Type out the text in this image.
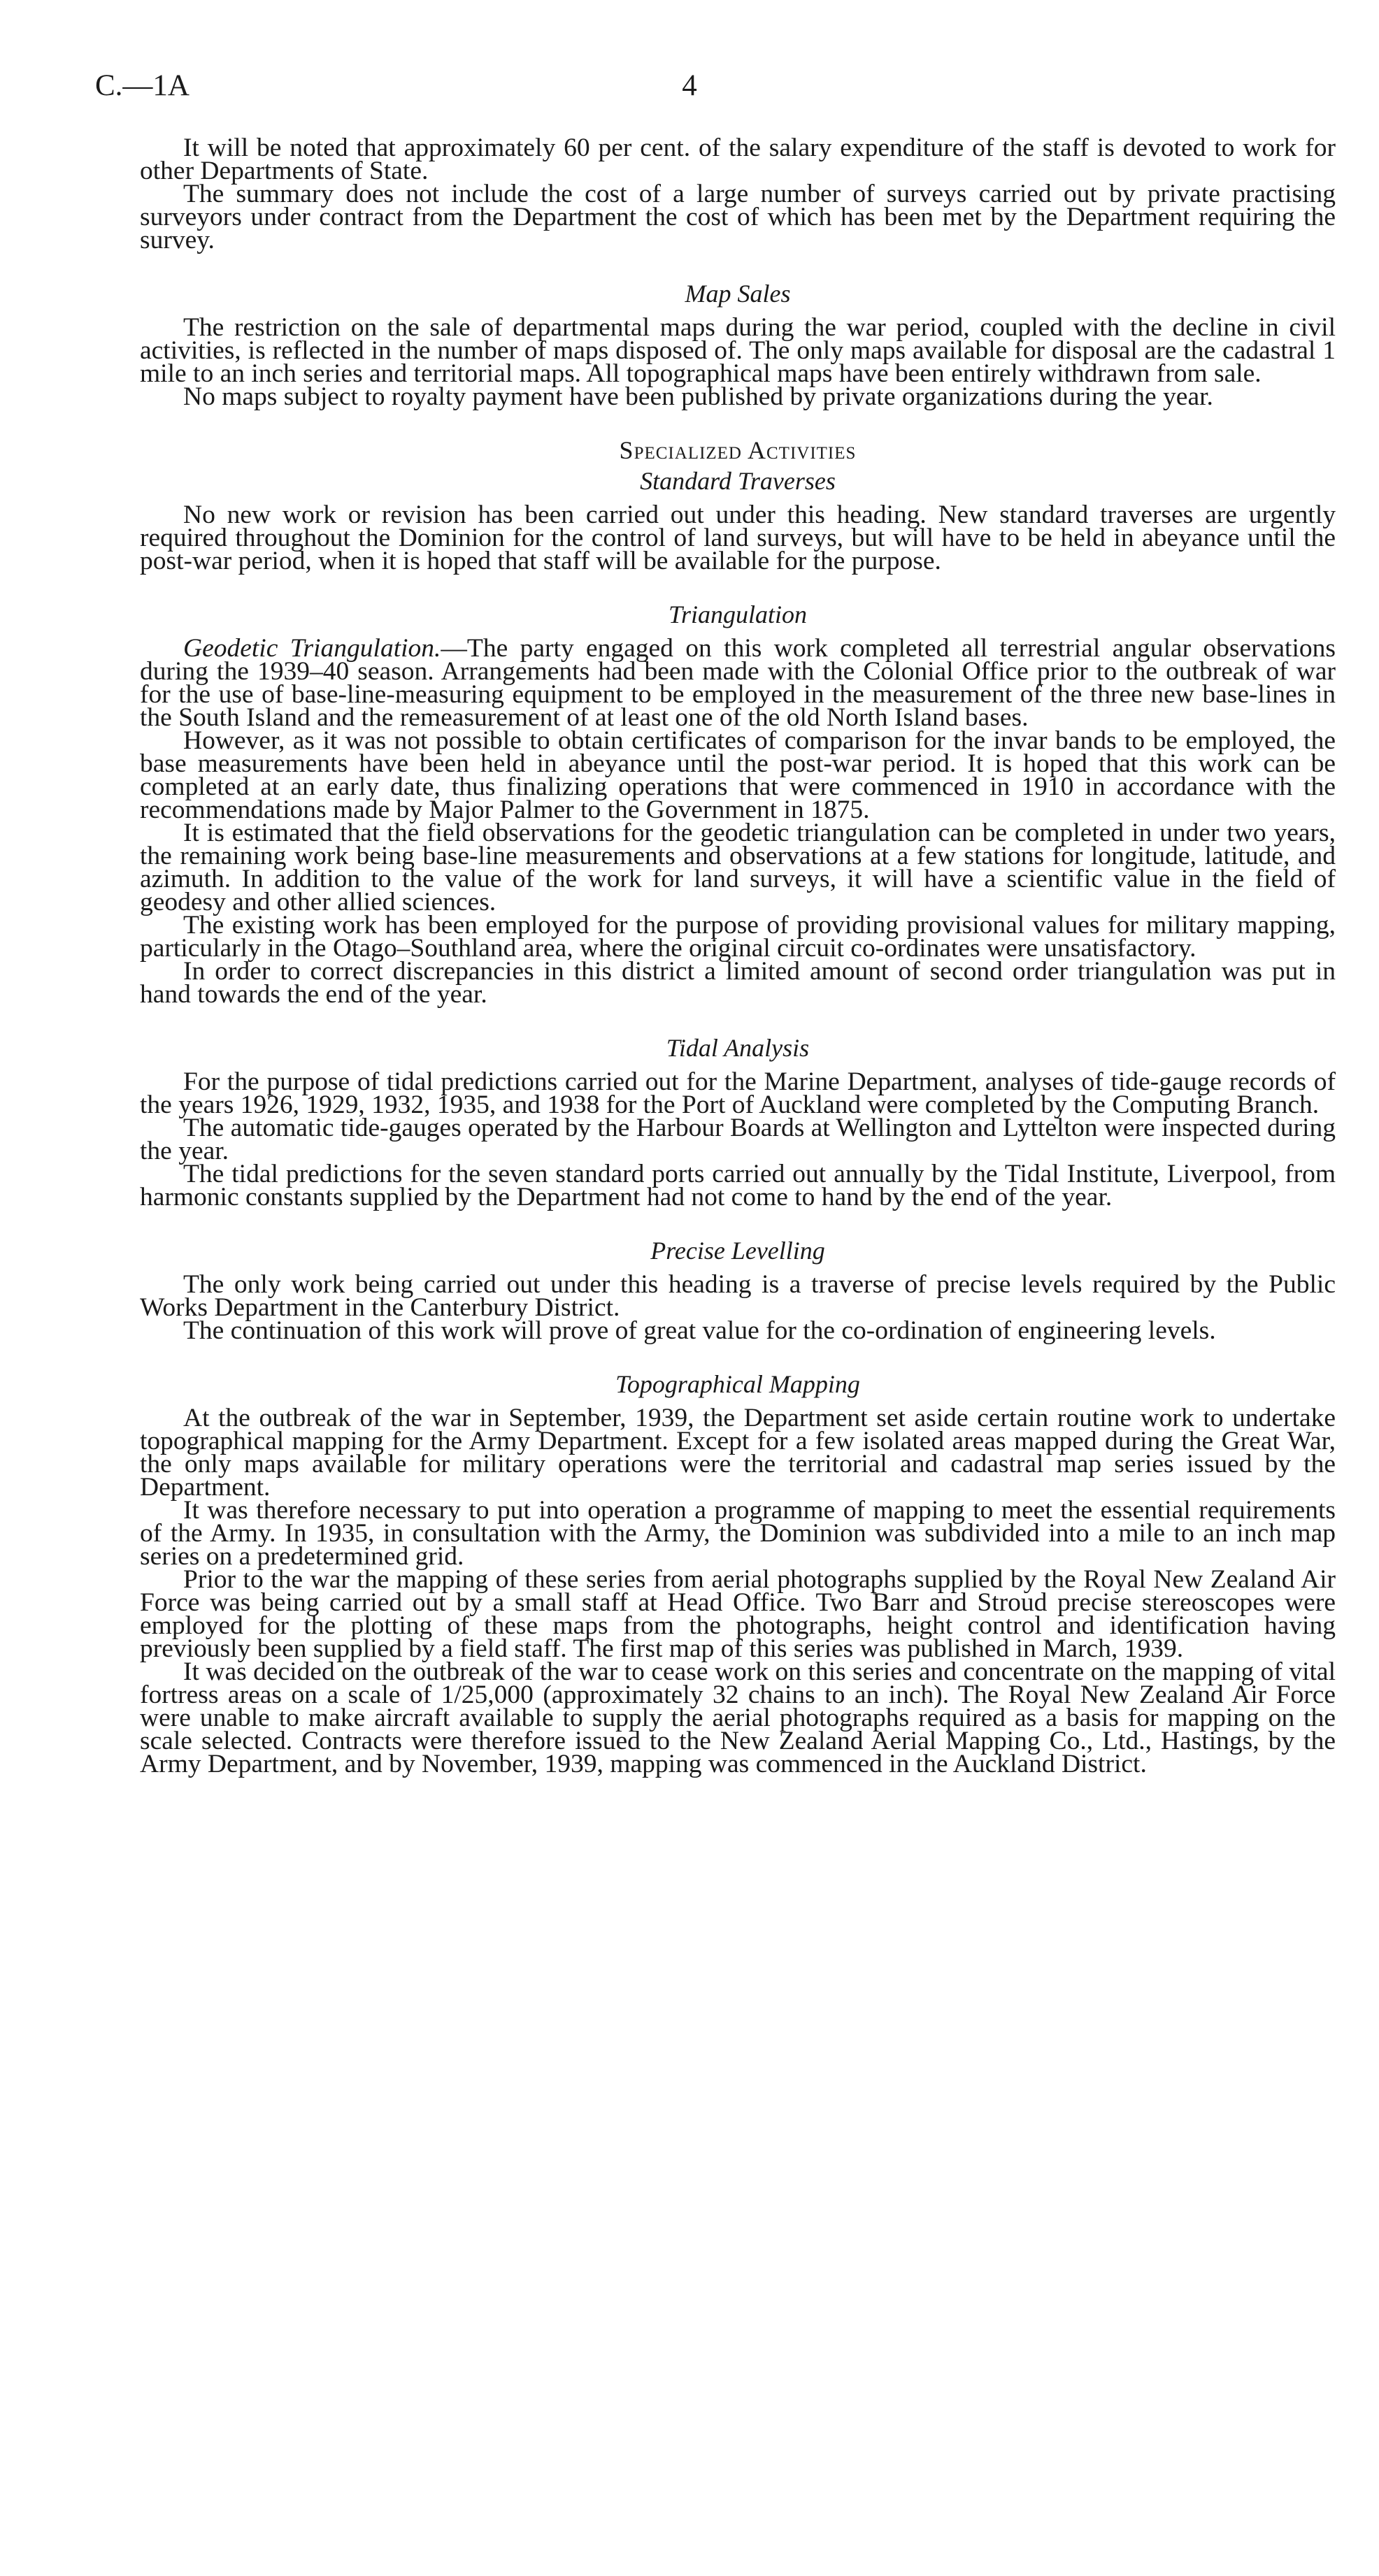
C.—1A	4

It will be noted that approximately 60 per cent. of the salary expenditure of the staff is devoted to work for other Departments of State.

The summary does not include the cost of a large number of surveys carried out by private practising surveyors under contract from the Department the cost of which has been met by the Department requiring the survey.

Map Sales

The restriction on the sale of departmental maps during the war period, coupled with the decline in civil activities, is reflected in the number of maps disposed of. The only maps available for disposal are the cadastral 1 mile to an inch series and territorial maps. All topographical maps have been entirely withdrawn from sale.

No maps subject to royalty payment have been published by private organizations during the year.

Specialized Activities
Standard Traverses

No new work or revision has been carried out under this heading. New standard traverses are urgently required throughout the Dominion for the control of land surveys, but will have to be held in abeyance until the post-war period, when it is hoped that staff will be available for the purpose.

Triangulation

Geodetic Triangulation.—The party engaged on this work completed all terrestrial angular observations during the 1939–40 season. Arrangements had been made with the Colonial Office prior to the outbreak of war for the use of base-line-measuring equipment to be employed in the measurement of the three new base-lines in the South Island and the remeasurement of at least one of the old North Island bases.

However, as it was not possible to obtain certificates of comparison for the invar bands to be employed, the base measurements have been held in abeyance until the post-war period. It is hoped that this work can be completed at an early date, thus finalizing operations that were commenced in 1910 in accordance with the recommendations made by Major Palmer to the Government in 1875.

It is estimated that the field observations for the geodetic triangulation can be completed in under two years, the remaining work being base-line measurements and observations at a few stations for longitude, latitude, and azimuth. In addition to the value of the work for land surveys, it will have a scientific value in the field of geodesy and other allied sciences.

The existing work has been employed for the purpose of providing provisional values for military mapping, particularly in the Otago–Southland area, where the original circuit co-ordinates were unsatisfactory.

In order to correct discrepancies in this district a limited amount of second order triangulation was put in hand towards the end of the year.

Tidal Analysis

For the purpose of tidal predictions carried out for the Marine Department, analyses of tide-gauge records of the years 1926, 1929, 1932, 1935, and 1938 for the Port of Auckland were completed by the Computing Branch.

The automatic tide-gauges operated by the Harbour Boards at Wellington and Lyttelton were inspected during the year.

The tidal predictions for the seven standard ports carried out annually by the Tidal Institute, Liverpool, from harmonic constants supplied by the Department had not come to hand by the end of the year.

Precise Levelling

The only work being carried out under this heading is a traverse of precise levels required by the Public Works Department in the Canterbury District.

The continuation of this work will prove of great value for the co-ordination of engineering levels.

Topographical Mapping

At the outbreak of the war in September, 1939, the Department set aside certain routine work to undertake topographical mapping for the Army Department. Except for a few isolated areas mapped during the Great War, the only maps available for military operations were the territorial and cadastral map series issued by the Department.

It was therefore necessary to put into operation a programme of mapping to meet the essential requirements of the Army. In 1935, in consultation with the Army, the Dominion was subdivided into a mile to an inch map series on a predetermined grid.

Prior to the war the mapping of these series from aerial photographs supplied by the Royal New Zealand Air Force was being carried out by a small staff at Head Office. Two Barr and Stroud precise stereoscopes were employed for the plotting of these maps from the photographs, height control and identification having previously been supplied by a field staff. The first map of this series was published in March, 1939.

It was decided on the outbreak of the war to cease work on this series and concentrate on the mapping of vital fortress areas on a scale of 1/25,000 (approximately 32 chains to an inch). The Royal New Zealand Air Force were unable to make aircraft available to supply the aerial photographs required as a basis for mapping on the scale selected. Contracts were therefore issued to the New Zealand Aerial Mapping Co., Ltd., Hastings, by the Army Department, and by November, 1939, mapping was commenced in the Auckland District.
